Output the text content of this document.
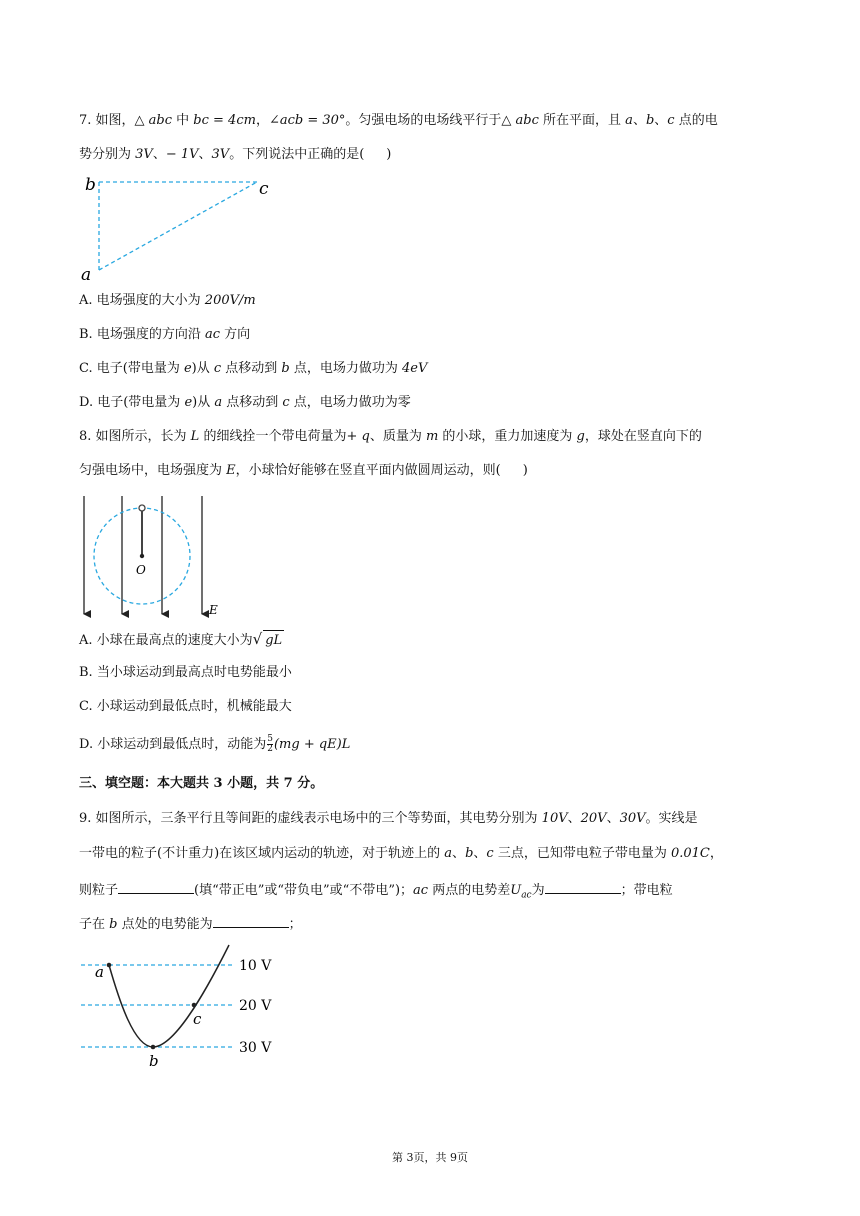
7. 如图，△ abc 中 bc = 4cm，∠acb = 30°。匀强电场的电场线平行于△ abc 所在平面，且 a、b、c 点的电
势分别为 3V、− 1V、3V。下列说法中正确的是( )
b	c
a
A. 电场强度的大小为 200V/m
B. 电场强度的方向沿 ac 方向
C. 电子(带电量为 e)从 c 点移动到 b 点，电场力做功为 4eV
D. 电子(带电量为 e)从 a 点移动到 c 点，电场力做功为零
8. 如图所示，长为 L 的细线拴一个带电荷量为+ q、质量为 m 的小球，重力加速度为 g，球处在竖直向下的
匀强电场中，电场强度为 E，小球恰好能够在竖直平面内做圆周运动，则( )
O
E
A. 小球在最高点的速度大小为√ gL
B. 当小球运动到最高点时电势能最小
C. 小球运动到最低点时，机械能最大
D. 小球运动到最低点时，动能为 $\frac{5}{2} (mg + qE)L$
三、填空题：本大题共 3 小题，共 7 分。
9. 如图所示，三条平行且等间距的虚线表示电场中的三个等势面，其电势分别为 10V、20V、30V。实线是
一带电的粒子(不计重力)在该区域内运动的轨迹，对于轨迹上的 a、b、c 三点，已知带电粒子带电量为 0.01C，
则粒子	(填“带正电”或“带负电”或“不带电”)；ac 两点的电势差$U_{ac}$为	；带电粒
子在 b 点处的电势能为	；
a
c
b
10 V
20 V
30 V
第 3页，共 9页
